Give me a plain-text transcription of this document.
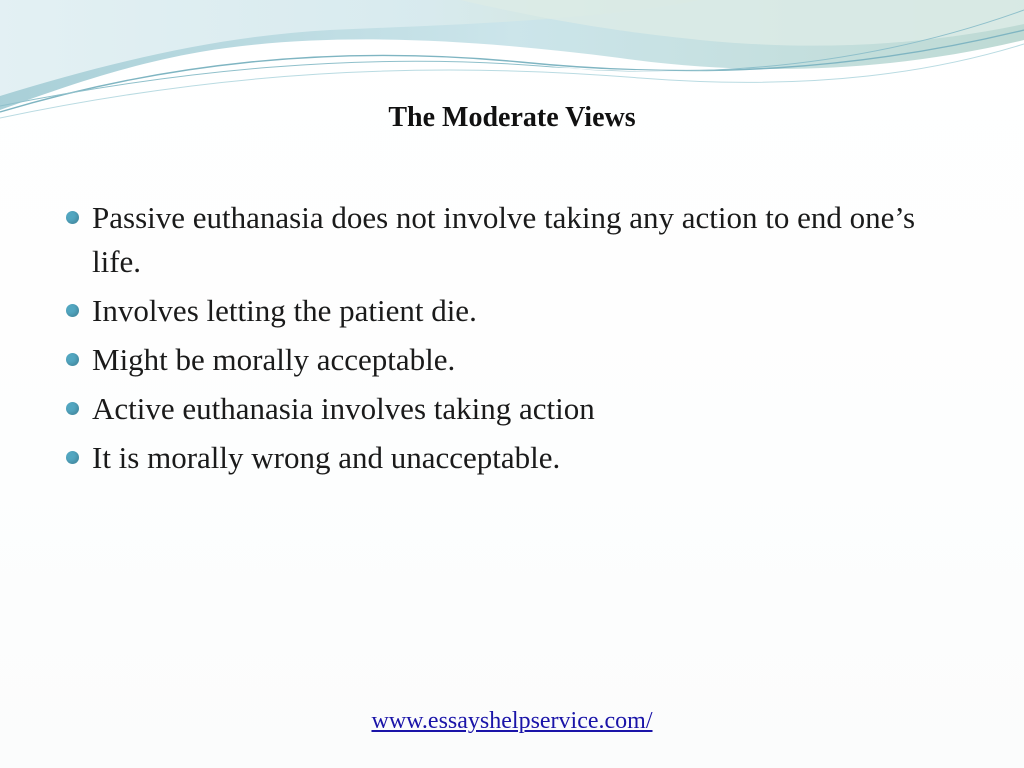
The Moderate Views
Passive euthanasia does not involve taking any action to end one’s life.
Involves letting the patient die.
Might be morally acceptable.
Active euthanasia involves taking action
It is morally wrong and unacceptable.
www.essayshelpservice.com/
